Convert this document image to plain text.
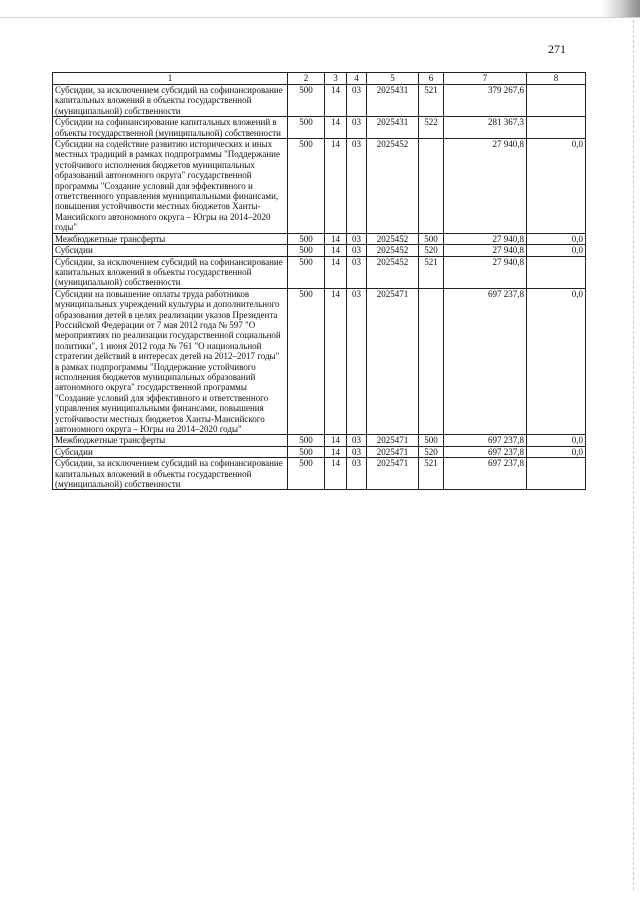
271
1	2	3	4	5	6	7	8
Субсидии, за исключением субсидий на софинансирование капитальных вложений в объекты государственной (муниципальной) собственности	500	14	03	2025431	521	379 267,6	
Субсидии на софинансирование капитальных вложений в объекты государственной (муниципальной) собственности	500	14	03	2025431	522	281 367,3	
Субсидии на содействие развитию исторических и иных местных традиций в рамках подпрограммы "Поддержание устойчивого исполнения бюджетов муниципальных образований автономного округа" государственной программы "Создание условий для эффективного и ответственного управления муниципальными финансами, повышения устойчивости местных бюджетов Ханты-Мансийского автономного округа – Югры на 2014–2020 годы"	500	14	03	2025452		27 940,8	0,0
Межбюджетные трансферты	500	14	03	2025452	500	27 940,8	0,0
Субсидии	500	14	03	2025452	520	27 940,8	0,0
Субсидии, за исключением субсидий на софинансирование капитальных вложений в объекты государственной (муниципальной) собственности	500	14	03	2025452	521	27 940,8	
Субсидии на повышение оплаты труда работников муниципальных учреждений культуры и дополнительного образования детей в целях реализации указов Президента Российской Федерации от 7 мая 2012 года № 597 "О мероприятиях по реализации государственной социальной политики", 1 июня 2012 года № 761 "О национальной стратегии действий в интересах детей на 2012–2017 годы" в рамках подпрограммы "Поддержание устойчивого исполнения бюджетов муниципальных образований автономного округа" государственной программы "Создание условий для эффективного и ответственного управления муниципальными финансами, повышения устойчивости местных бюджетов Ханты-Мансийского автономного округа – Югры на 2014–2020 годы"	500	14	03	2025471		697 237,8	0,0
Межбюджетные трансферты	500	14	03	2025471	500	697 237,8	0,0
Субсидии	500	14	03	2025471	520	697 237,8	0,0
Субсидии, за исключением субсидий на софинансирование капитальных вложений в объекты государственной (муниципальной) собственности	500	14	03	2025471	521	697 237,8	
